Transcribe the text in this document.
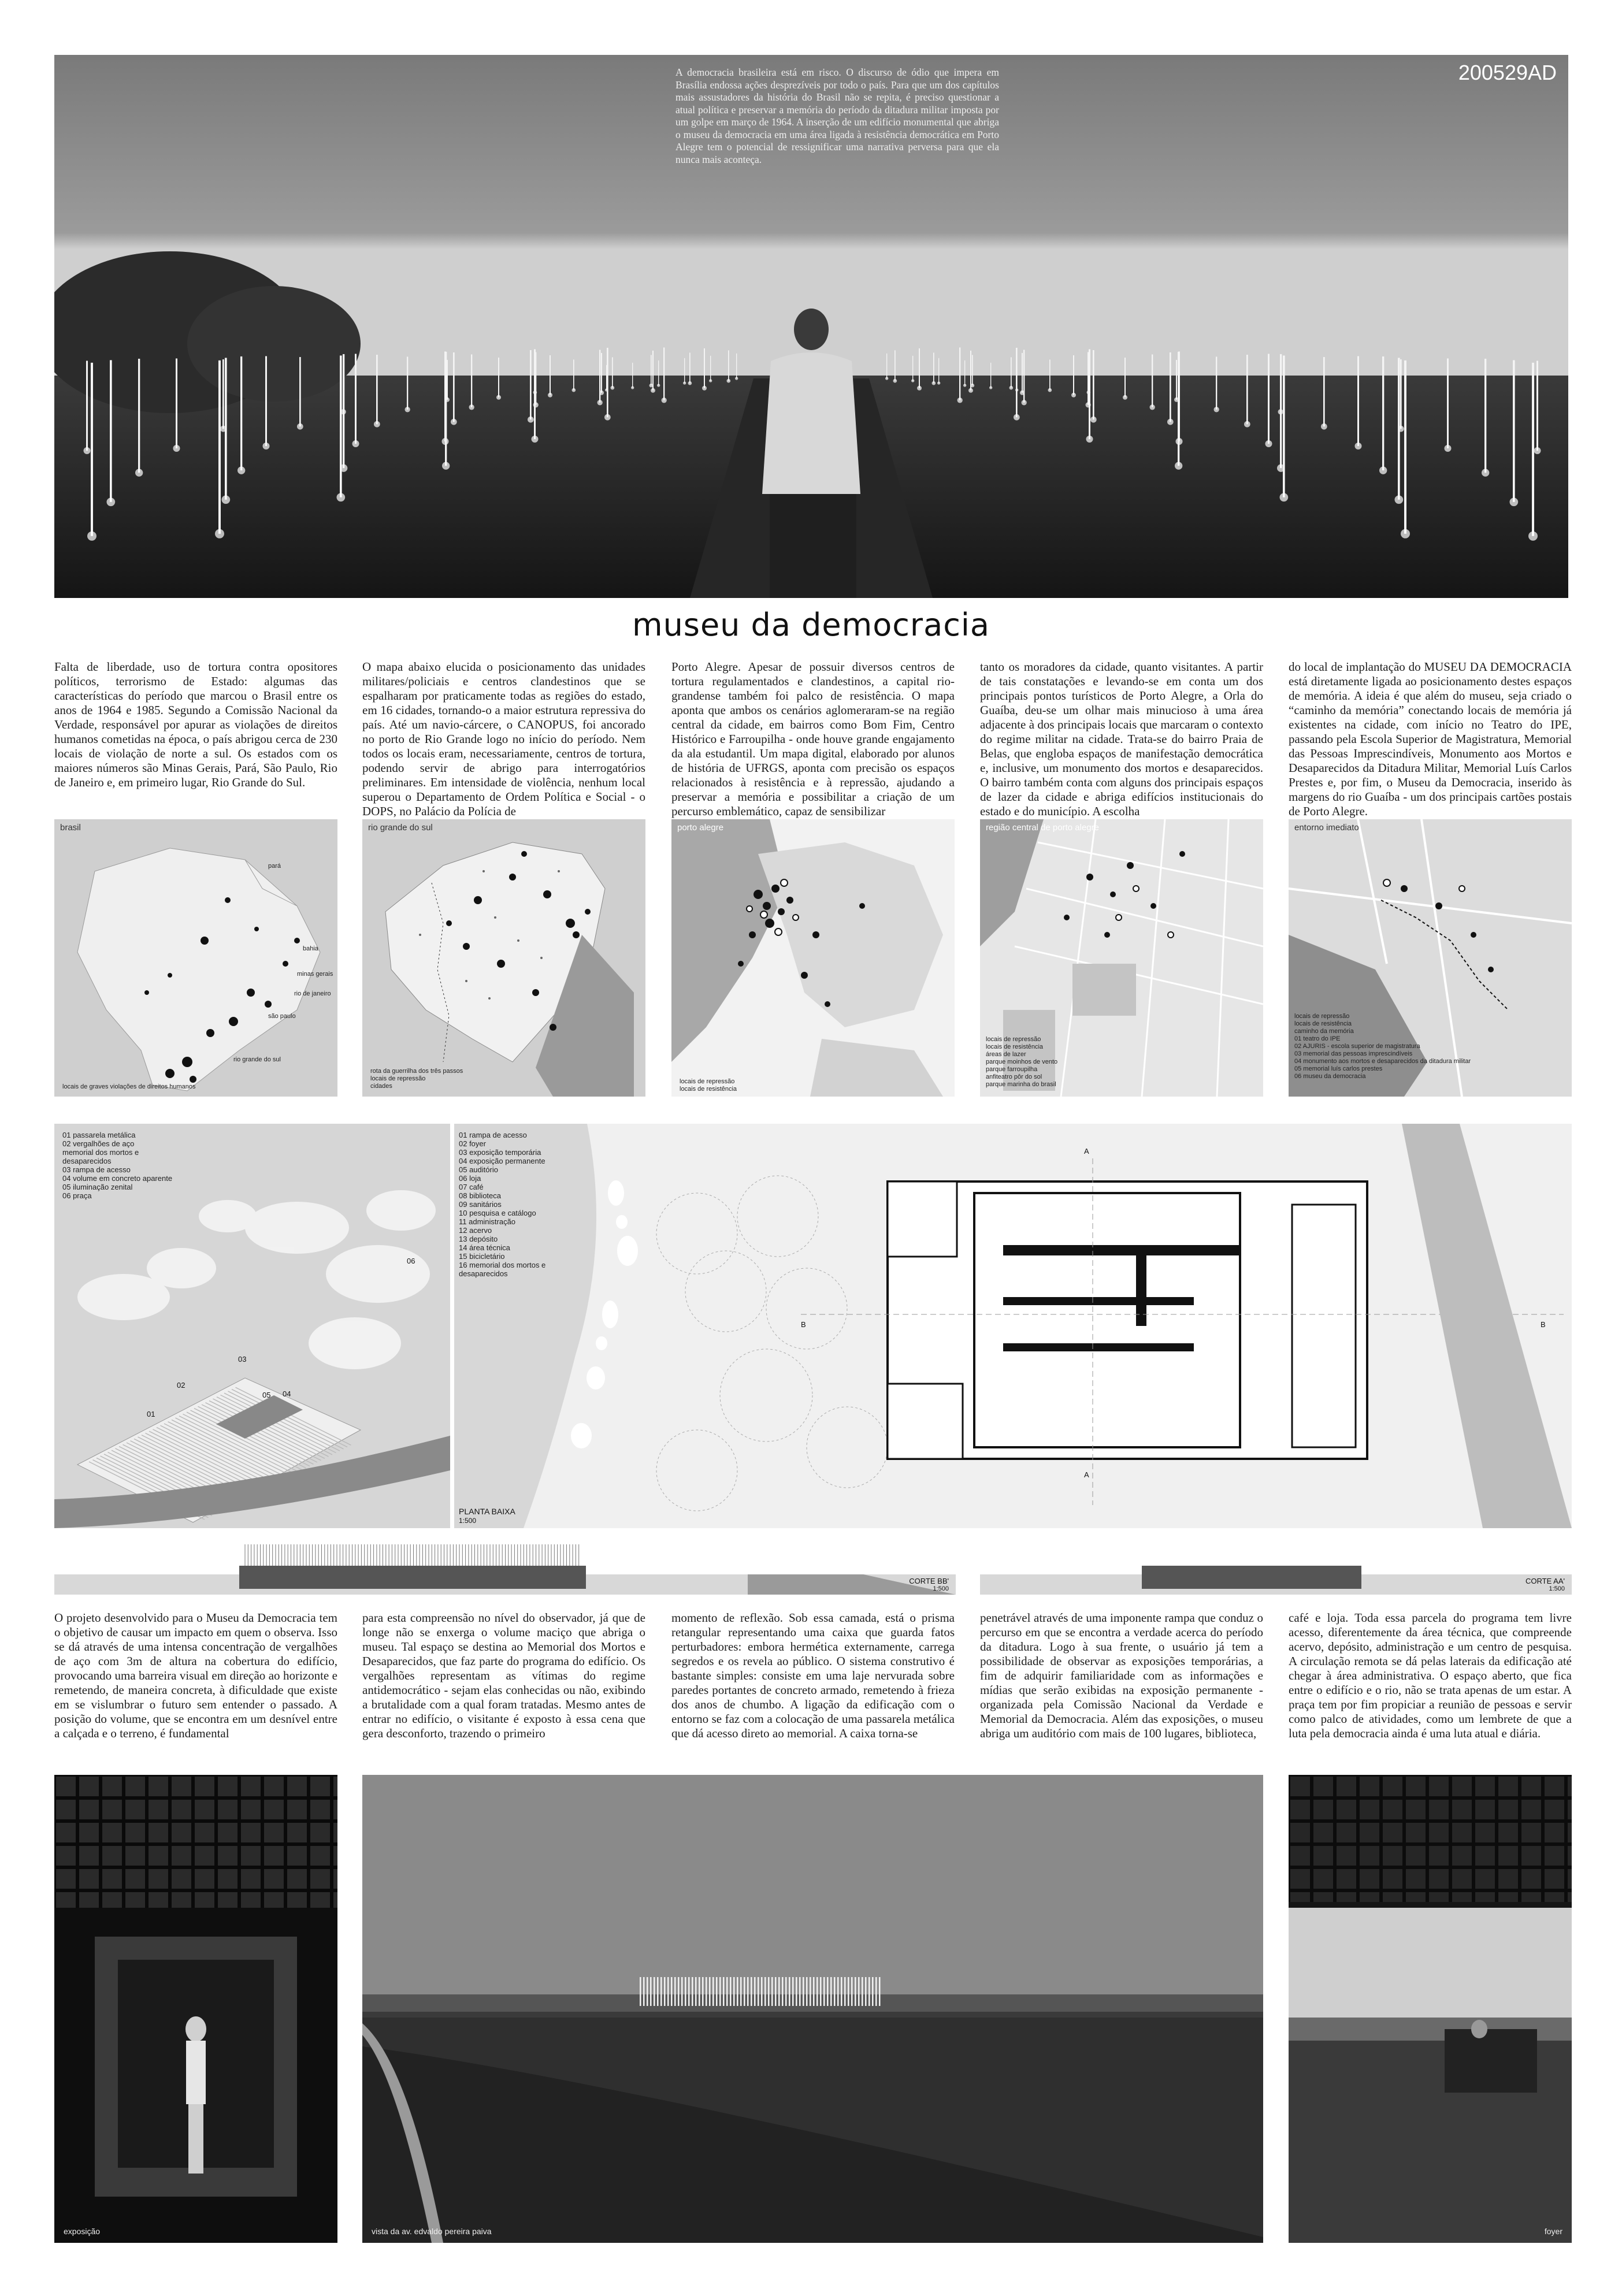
A democracia brasileira está em risco. O discurso de ódio que impera em Brasília endossa ações desprezíveis por todo o país. Para que um dos capítulos mais assustadores da história do Brasil não se repita, é preciso questionar a atual política e preservar a memória do período da ditadura militar imposta por um golpe em março de 1964. A inserção de um edifício monumental que abriga o museu da democracia em uma área ligada à resistência democrática em Porto Alegre tem o potencial de ressignificar uma narrativa perversa para que ela nunca mais aconteça.
200529AD
museu da democracia
Falta de liberdade, uso de tortura contra opositores políticos, terrorismo de Estado: algumas das características do período que marcou o Brasil entre os anos de 1964 e 1985. Segundo a Comissão Nacional da Verdade, responsável por apurar as violações de direitos humanos cometidas na época, o país abrigou cerca de 230 locais de violação de norte a sul. Os estados com os maiores números são Minas Gerais, Pará, São Paulo, Rio de Janeiro e, em primeiro lugar, Rio Grande do Sul.
O mapa abaixo elucida o posicionamento das unidades militares/policiais e centros clandestinos que se espalharam por praticamente todas as regiões do estado, em 16 cidades, tornando-o a maior estrutura repressiva do país. Até um navio-cárcere, o CANOPUS, foi ancorado no porto de Rio Grande logo no início do período. Nem todos os locais eram, necessariamente, centros de tortura, podendo servir de abrigo para interrogatórios preliminares. Em intensidade de violência, nenhum local superou o Departamento de Ordem Política e Social - o DOPS, no Palácio da Polícia de
Porto Alegre. Apesar de possuir diversos centros de tortura regulamentados e clandestinos, a capital rio-grandense também foi palco de resistência. O mapa aponta que ambos os cenários aglomeraram-se na região central da cidade, em bairros como Bom Fim, Centro Histórico e Farroupilha - onde houve grande engajamento da ala estudantil. Um mapa digital, elaborado por alunos de história de UFRGS, aponta com precisão os espaços relacionados à resistência e à repressão, ajudando a preservar a memória e possibilitar a criação de um percurso emblemático, capaz de sensibilizar
tanto os moradores da cidade, quanto visitantes. A partir de tais constatações e levando-se em conta um dos principais pontos turísticos de Porto Alegre, a Orla do Guaíba, deu-se um olhar mais minucioso à uma área adjacente à dos principais locais que marcaram o contexto do regime militar na cidade. Trata-se do bairro Praia de Belas, que engloba espaços de manifestação democrática e, inclusive, um monumento dos mortos e desaparecidos. O bairro também conta com alguns dos principais espaços de lazer da cidade e abriga edifícios institucionais do estado e do município. A escolha
do local de implantação do MUSEU DA DEMOCRACIA está diretamente ligada ao posicionamento destes espaços de memória. A ideia é que além do museu, seja criado o “caminho da memória” conectando locais de memória já existentes na cidade, com início no Teatro do IPE, passando pela Escola Superior de Magistratura, Memorial das Pessoas Imprescindíveis, Monumento aos Mortos e Desaparecidos da Ditadura Militar, Memorial Luís Carlos Prestes e, por fim, o Museu da Democracia, inserido às margens do rio Guaíba - um dos principais cartões postais de Porto Alegre.
brasil
pará
bahia
minas gerais
rio de janeiro
são paulo
rio grande do sul
locais de graves violações de direitos humanos
rio grande do sul
rota da guerrilha dos três passos
locais de repressão
cidades
porto alegre
locais de repressão
locais de resistência
região central de porto alegre
locais de repressão
locais de resistência
áreas de lazer
parque moinhos de vento
parque farroupilha
anfiteatro pôr do sol
parque marinha do brasil
entorno imediato
locais de repressão
locais de resistência
caminho da memória
01 teatro do IPE
02 AJURIS - escola superior de magistratura
03 memorial das pessoas imprescindíveis
04 monumento aos mortos e desaparecidos da ditadura militar
05 memorial luís carlos prestes
06 museu da democracia
01 passarela metálica
02 vergalhões de aço memorial dos mortos e desaparecidos
03 rampa de acesso
04 volume em concreto aparente
05 iluminação zenital
06 praça
01
02
03
04
05
06
01 rampa de acesso
02 foyer
03 exposição temporária
04 exposição permanente
05 auditório
06 loja
07 café
08 biblioteca
09 sanitários
10 pesquisa e catálogo
11 administração
12 acervo
13 depósito
14 área técnica
15 bicicletário
16 memorial dos mortos e desaparecidos
A
A
B	B
PLANTA BAIXA
1:500
CORTE BB'
1:500
CORTE AA'
1:500
O projeto desenvolvido para o Museu da Democracia tem o objetivo de causar um impacto em quem o observa. Isso se dá através de uma intensa concentração de vergalhões de aço com 3m de altura na cobertura do edifício, provocando uma barreira visual em direção ao horizonte e remetendo, de maneira concreta, à dificuldade que existe em se vislumbrar o futuro sem entender o passado. A posição do volume, que se encontra em um desnível entre a calçada e o terreno, é fundamental
para esta compreensão no nível do observador, já que de longe não se enxerga o volume maciço que abriga o museu. Tal espaço se destina ao Memorial dos Mortos e Desaparecidos, que faz parte do programa do edifício. Os vergalhões representam as vítimas do regime antidemocrático - sejam elas conhecidas ou não, exibindo a brutalidade com a qual foram tratadas. Mesmo antes de entrar no edifício, o visitante é exposto à essa cena que gera desconforto, trazendo o primeiro
momento de reflexão. Sob essa camada, está o prisma retangular representando uma caixa que guarda fatos perturbadores: embora hermética externamente, carrega segredos e os revela ao público. O sistema construtivo é bastante simples: consiste em uma laje nervurada sobre paredes portantes de concreto armado, remetendo à frieza dos anos de chumbo. A ligação da edificação com o entorno se faz com a colocação de uma passarela metálica que dá acesso direto ao memorial. A caixa torna-se
penetrável através de uma imponente rampa que conduz o percurso em que se encontra a verdade acerca do período da ditadura. Logo à sua frente, o usuário já tem a possibilidade de observar as exposições temporárias, a fim de adquirir familiaridade com as informações e mídias que serão exibidas na exposição permanente - organizada pela Comissão Nacional da Verdade e Memorial da Democracia. Além das exposições, o museu abriga um auditório com mais de 100 lugares, biblioteca,
café e loja. Toda essa parcela do programa tem livre acesso, diferentemente da área técnica, que compreende acervo, depósito, administração e um centro de pesquisa. A circulação remota se dá pelas laterais da edificação até chegar à área administrativa. O espaço aberto, que fica entre o edifício e o rio, não se trata apenas de um estar. A praça tem por fim propiciar a reunião de pessoas e servir como palco de atividades, como um lembrete de que a luta pela democracia ainda é uma luta atual e diária.
exposição	vista da av. edvaldo pereira paiva	foyer
